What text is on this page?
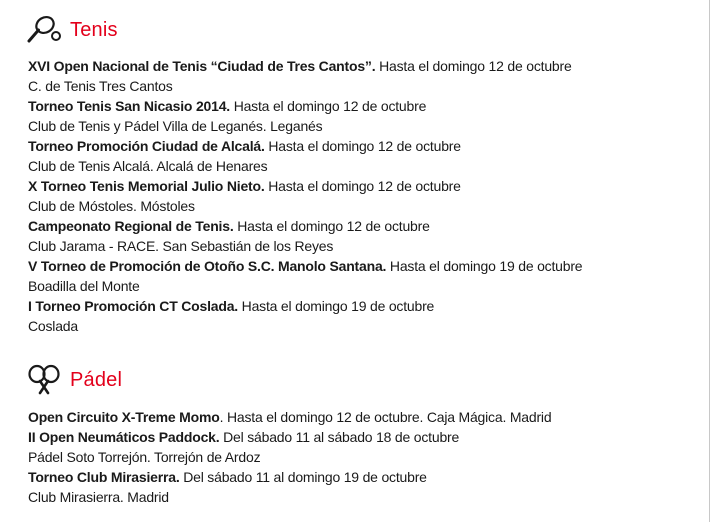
Tenis
XVI Open Nacional de Tenis “Ciudad de Tres Cantos”. Hasta el domingo 12 de octubre
C. de Tenis Tres Cantos
Torneo Tenis San Nicasio 2014. Hasta el domingo 12 de octubre
Club de Tenis y Pádel Villa de Leganés. Leganés
Torneo Promoción Ciudad de Alcalá. Hasta el domingo 12 de octubre
Club de Tenis Alcalá. Alcalá de Henares
X Torneo Tenis Memorial Julio Nieto. Hasta el domingo 12 de octubre
Club de Móstoles. Móstoles
Campeonato Regional de Tenis. Hasta el domingo 12 de octubre
Club Jarama - RACE. San Sebastián de los Reyes
V Torneo de Promoción de Otoño S.C. Manolo Santana. Hasta el domingo 19 de octubre
Boadilla del Monte
I Torneo Promoción CT Coslada. Hasta el domingo 19 de octubre
Coslada
Pádel
Open Circuito X-Treme Momo. Hasta el domingo 12 de octubre. Caja Mágica. Madrid
II Open Neumáticos Paddock. Del sábado 11 al sábado 18 de octubre
Pádel Soto Torrejón. Torrejón de Ardoz
Torneo Club Mirasierra. Del sábado 11 al domingo 19 de octubre
Club Mirasierra. Madrid
